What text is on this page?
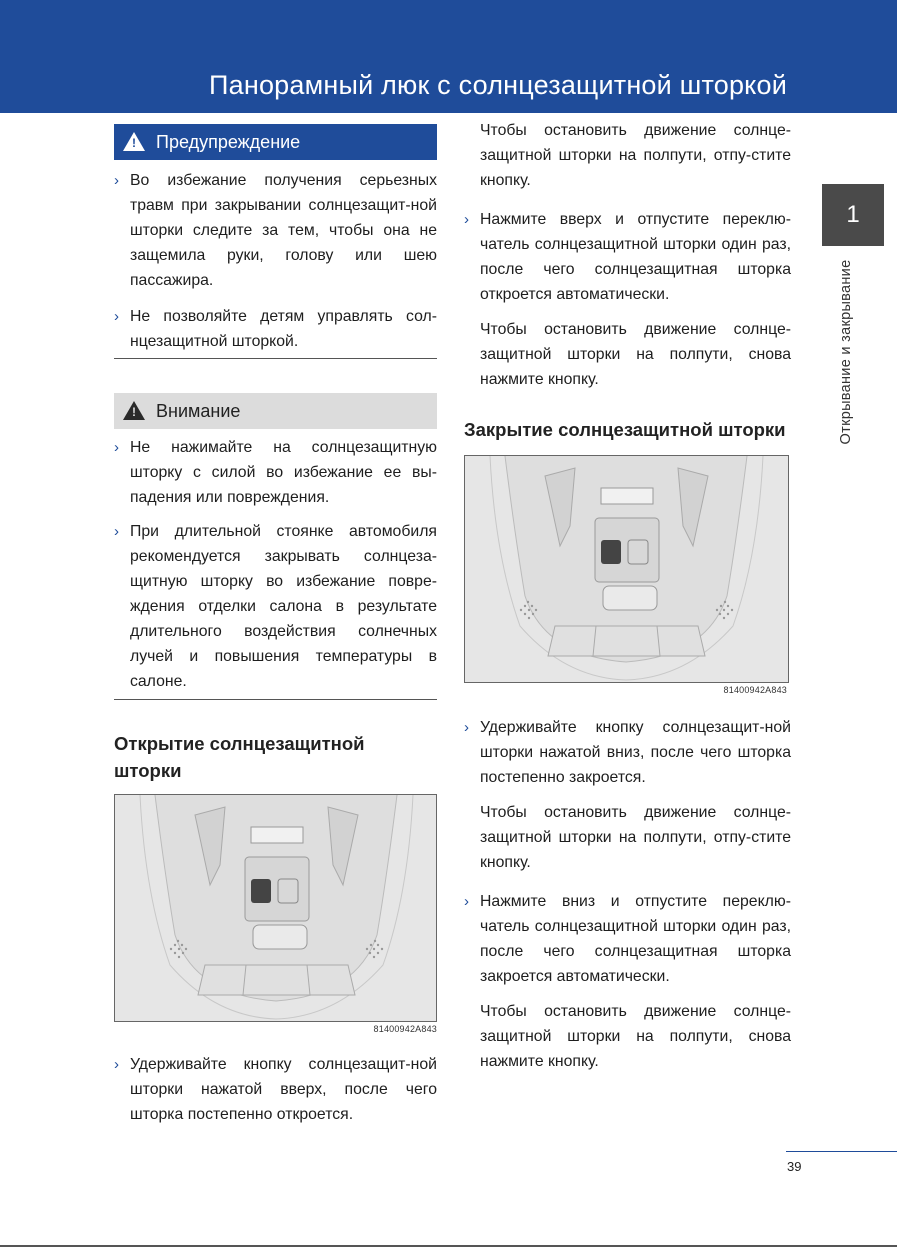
Панорамный люк с солнцезащитной шторкой
1
Открывание и закрывание
! Предупреждение
› Во избежание получения серьезных травм при закрывании солнцезащит-ной шторки следите за тем, чтобы она не защемила руки, голову или шею пассажира.
› Не позволяйте детям управлять сол-нцезащитной шторкой.
! Внимание
› Не нажимайте на солнцезащитную шторку с силой во избежание ее вы-падения или повреждения.
› При длительной стоянке автомобиля рекомендуется закрывать солнцеза-щитную шторку во избежание повре-ждения отделки салона в результате длительного воздействия солнечных лучей и повышения температуры в салоне.
Открытие солнцезащитной шторки
81400942A843
› Удерживайте кнопку солнцезащит-ной шторки нажатой вверх, после чего шторка постепенно откроется.
Чтобы остановить движение солнце-защитной шторки на полпути, отпу-стите кнопку.
› Нажмите вверх и отпустите переклю-чатель солнцезащитной шторки один раз, после чего солнцезащитная шторка откроется автоматически.
Чтобы остановить движение солнце-защитной шторки на полпути, снова нажмите кнопку.
Закрытие солнцезащитной шторки
81400942A843
› Удерживайте кнопку солнцезащит-ной шторки нажатой вниз, после чего шторка постепенно закроется.
Чтобы остановить движение солнце-защитной шторки на полпути, отпу-стите кнопку.
› Нажмите вниз и отпустите переклю-чатель солнцезащитной шторки один раз, после чего солнцезащитная шторка закроется автоматически.
Чтобы остановить движение солнце-защитной шторки на полпути, снова нажмите кнопку.
39
